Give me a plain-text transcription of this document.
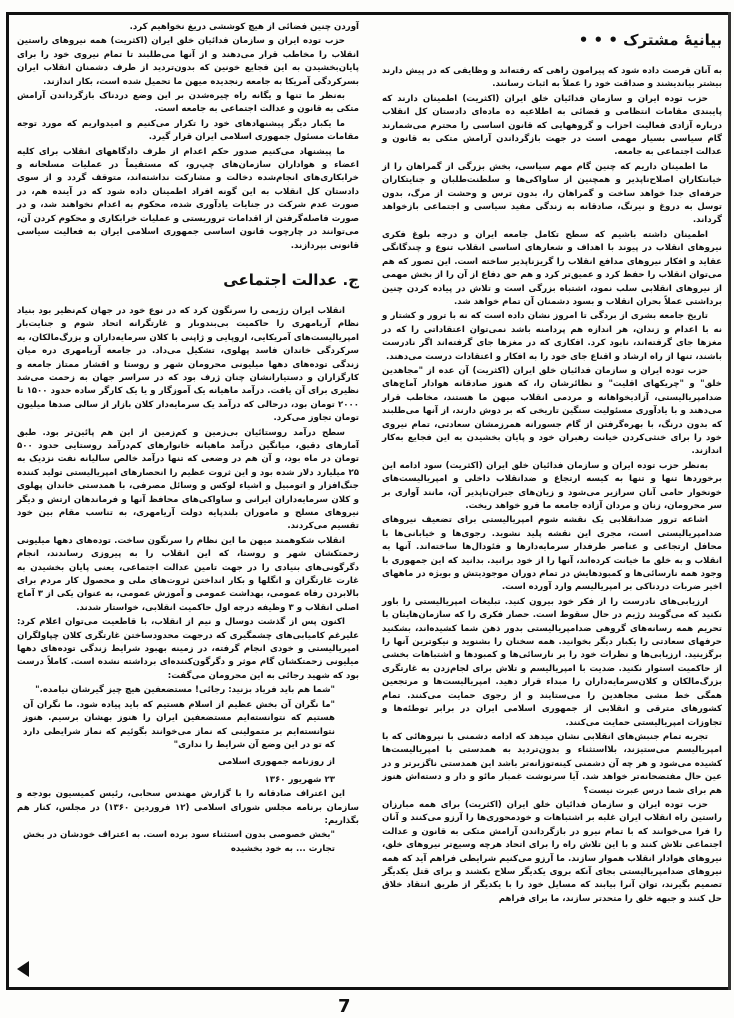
بیانیهٔ مشترک • • •

به آنان فرصت داده شود که پیرامون راهی که رفته‌اند و وظایفی که در پیش دارند بیشتر بیاندیشند و صداقت خود را عملاً به اثبات رسانند.

حزب توده ایران و سازمان فدائیان خلق ایران (اکثریت) اطمینان دارند که پایبندی مقامات انتظامی و قضائی به اطلاعیه ده ماده‌ای دادستان کل انقلاب درباره آزادی فعالیت احزاب و گروههایی که قانون اساسی را محترم می‌شمارند گام سیاسی بسیار مهمی است در جهت بازگرداندن آرامش متکی به قانون و عدالت اجتماعی به جامعه.

ما اطمینان داریم که چنین گام مهم سیاسی، بخش بزرگی از گمراهان را از خیانتکاران اصلاح‌ناپذیر و همچنین از ساواکی‌ها و سلطنت‌طلبان و جنایتکاران حرفه‌ای جدا خواهد ساخت و گمراهان را، بدون ترس و وحشت از مرگ، بدون توسل به دروغ و نیرنگ، صادقانه به زندگی مفید سیاسی و اجتماعی بازخواهد گرداند.

اطمینان داشته باشیم که سطح تکامل جامعه ایران و درجه بلوغ فکری نیروهای انقلاب در پیوند با اهداف و شعارهای اساسی انقلاب تنوع و چندگانگی عقاید و افکار نیروهای مدافع انقلاب را گریزناپذیر ساخته است. این تصور که هم می‌توان انقلاب را حفظ کرد و عمیق‌تر کرد و هم حق دفاع از آن را از بخش مهمی از نیروهای انقلابی سلب نمود، اشتباه بزرگی است و تلاش در پیاده کردن چنین برداشتی عملاً بحران انقلاب و بسود دشمنان آن تمام خواهد شد.

تاریخ جامعه بشری از بردگی تا امروز نشان داده است که نه با ترور و کشتار و نه با اعدام و زندان، هر اندازه هم پردامنه باشد نمی‌توان اعتقاداتی را که در مغزها جای گرفته‌اند، نابود کرد. افکاری که در مغزها جای گرفته‌اند اگر نادرست باشند، تنها از راه ارشاد و اقناع جای خود را به افکار و اعتقادات درست می‌دهند.

حزب توده ایران و سازمان فدائیان خلق ایران (اکثریت) آن عده از "مجاهدین خلق" و "چریکهای اقلیت" و نظائرشان را، که هنوز صادقانه هوادار آماج‌های ضدامپریالیستی، آزادیخواهانه و مردمی انقلاب میهن ما هستند، مخاطب قرار می‌دهند و با یادآوری مسئولیت سنگین تاریخی که بر دوش دارند، از آنها می‌طلبند که بدون درنگ، با بهره‌گرفتن از گام جسورانه همرزمشان سعادتی، تمام نیروی خود را برای خنثی‌کردن خیانت رهبران خود و پایان بخشیدن به این فجایع به‌کار اندازند.

به‌نظر حزب توده ایران و سازمان فدائیان خلق ایران (اکثریت) سود ادامه این برخوردها تنها و تنها به کیسه ارتجاع و ضدانقلاب داخلی و امپریالیست‌های خونخوار حامی آنان سرازیر می‌شود و زیان‌های جبران‌ناپذیر آن، مانند آواری بر سر محرومان، زنان و مردان آزاده جامعه ما فرو خواهد ریخت.

اشاعه ترور ضدانقلابی یک نقشه شوم امپریالیستی برای تضعیف نیروهای ضدامپریالیستی است، مجری این نقشه پلید نشوید. رجوی‌ها و خیابانی‌ها با محافل ارتجاعی و عناصر طرفدار سرمایه‌دارها و فئودال‌ها ساخته‌اند. آنها به انقلاب و به خلق ما خیانت کرده‌اند، آنها را از خود برانید. بدانید که این جمهوری با وجود همه نارسائی‌ها و کمبودهایش در تمام دوران موجودیتش و بویژه در ماههای اخیر ضربات دردناکی بر امپریالیسم وارد آورده است.

ارزیابی‌های نادرست را از فکر خود بیرون کنید. تبلیغات امپریالیستی را باور نکنید که می‌گویند رژیم در حال سقوط است. حصار فکری را که سازمان‌هایتان با تحریم همه رسانه‌های گروهی ضدامپریالیستی بدور ذهن شما کشیده‌اند، بشکنید حرفهای سعادتی را یکبار دیگر بخوانید. همه سخنان را بشنوید و نیکوترین آنها را برگزینید. ارزیابی‌ها و نظرات خود را بر نارسائی‌ها و کمبودها و اشتباهات بخشی از حاکمیت استوار نکنید. ضدیت با امپریالیسم و تلاش برای لجام‌زدن به غارتگری بزرگ‌مالکان و کلان‌سرمایه‌داران را مبداء قرار دهید. امپریالیست‌ها و مرتجعین همگی خط مشی مجاهدین را می‌ستایند و از رجوی حمایت می‌کنند. تمام کشورهای مترقی و انقلابی از جمهوری اسلامی ایران در برابر توطئه‌ها و تجاوزات امپریالیستی حمایت می‌کنند.

تجربه تمام جنبش‌های انقلابی نشان میدهد که ادامه دشمنی با نیروهائی که با امپریالیسم می‌ستیزند، بلااستثناء و بدون‌تردید به همدستی با امپریالیست‌ها کشیده می‌شود و هر چه آن دشمنی کینه‌توزانه‌تر باشد این همدستی ناگزیرتر و در عین حال مفتضحانه‌تر خواهد شد. آیا سرنوشت غمبار مائو و دار و دسته‌اش هنوز هم برای شما درس عبرت نیست؟

حزب توده ایران و سازمان فدائیان خلق ایران (اکثریت) برای همه مبارزان راستین راه انقلاب ایران غلبه بر اشتباهات و خودمحوری‌ها را آرزو می‌کنند و آنان را فرا می‌خوانند که با تمام نیرو در بازگرداندن آرامش متکی به قانون و عدالت اجتماعی تلاش کنند و با این تلاش راه را برای اتحاد هرچه وسیع‌تر نیروهای خلق، نیروهای هوادار انقلاب هموار سازند. ما آرزو می‌کنیم شرایطی فراهم آید که همه نیروهای ضدامپریالیستی بجای آنکه بروی یکدیگر سلاح بکشند و برای قتل یکدیگر تصمیم بگیرند، توان آنرا بیابند که مسایل خود را با یکدیگر از طریق انتقاد خلاق حل کنند و جبهه خلق را متحدتر سازند، ما برای فراهم

آوردن چنین فضائی از هیچ کوششی دریغ نخواهیم کرد.

حزب توده ایران و سازمان فدائیان خلق ایران (اکثریت) همه نیروهای راستین انقلاب را مخاطب قرار می‌دهند و از آنها می‌طلبند تا تمام نیروی خود را برای پایان‌بخشیدن به این فجایع خونین که بدون‌تردید از طرف دشمنان انقلاب ایران بسرکردگی آمریکا به جامعه رنجدیده میهن ما تحمیل شده است، بکار اندازند.

به‌نظر ما تنها و یگانه راه چیره‌شدن بر این وضع دردناک بازگرداندن آرامش متکی به قانون و عدالت اجتماعی به جامعه است.

ما یکبار دیگر پیشنهادهای خود را تکرار می‌کنیم و امیدواریم که مورد توجه مقامات مسئول جمهوری اسلامی ایران قرار گیرد.

ما پیشنهاد می‌کنیم صدور حکم اعدام از طرف دادگاههای انقلاب برای کلیه اعضاء و هواداران سازمان‌های چپ‌رو، که مستقیماً در عملیات مسلحانه و خرابکاری‌های انجام‌شده دخالت و مشارکت نداشته‌اند، متوقف گردد و از سوی دادستان کل انقلاب به این گونه افراد اطمینان داده شود که در آینده هم، در صورت عدم شرکت در جنایات یادآوری شده، محکوم به اعدام نخواهند شد، و در صورت فاصله‌گرفتن از اقدامات تروریستی و عملیات خرابکاری و محکوم کردن آن، می‌توانند در چارچوب قانون اساسی جمهوری اسلامی ایران به فعالیت سیاسی قانونی بپردازند.

ج. عدالت اجتماعی

انقلاب ایران رژیمی را سرنگون کرد که در نوع خود در جهان کم‌نظیر بود بنیاد نظام آریامهری را حاکمیت بی‌بندوبار و غارتگرانه اتحاد شوم و جنایت‌بار امپریالیست‌های آمریکایی، اروپایی و ژاپنی با کلان سرمایه‌داران و بزرگ‌مالکان، به سرکردگی خاندان فاسد پهلوی، تشکیل می‌داد. در جامعه آریامهری دره میان زندگی توده‌های دهها میلیونی محرومان شهر و روستا و اقشار ممتاز جامعه و کارگزاران و دستیارانشان چنان ژرف بود که در سراسر جهان به زحمت می‌شد نظیری برای آن یافت. درآمد ماهیانه یک آموزگار و یا یک کارگر ساده حدود ۱۵۰۰ تا ۲۰۰۰ تومان بود، درحالی که درآمد یک سرمایه‌دار کلان بازار از سالی صدها میلیون تومان تجاوز می‌کرد.

سطح درآمد روستائیان بی‌زمین و کم‌زمین از این هم پائین‌تر بود. طبق آمارهای دقیق، میانگین درآمد ماهیانه خانوارهای کم‌درآمد روستایی حدود ۵۰۰ تومان در ماه بود، و آن هم در وضعی که تنها درآمد خالص سالیانه نفت نزدیک به ۲۵ میلیارد دلار شده بود و این ثروت عظیم را انحصارهای امپریالیستی تولید کننده جنگ‌افزار و اتومبیل و اشیاء لوکس و وسائل مصرفی، با همدستی خاندان پهلوی و کلان سرمایه‌داران ایرانی و ساواکی‌های محافظ آنها و فرماندهان ارتش و دیگر نیروهای مسلح و ماموران بلندپایه دولت آریامهری، به تناسب مقام بین خود تقسیم می‌کردند.

انقلاب شکوهمند میهن ما این نظام را سرنگون ساخت. توده‌های دهها میلیونی زحمتکشان شهر و روستا، که این انقلاب را به پیروزی رساندند، انجام دگرگونی‌های بنیادی را در جهت تامین عدالت اجتماعی، یعنی پایان بخشیدن به غارت غارتگران و انگلها و بکار انداختن ثروت‌های ملی و محصول کار مردم برای بالابردن رفاه عمومی، بهداشت عمومی و آموزش عمومی، به عنوان یکی از ۳ آماج اصلی انقلاب و ۳ وظیفه درجه اول حاکمیت انقلابی، خواستار شدند.

اکنون پس از گذشت دوسال و نیم از انقلاب، با قاطعیت می‌توان اعلام کرد: علیرغم کامیابی‌های چشمگیری که درجهت محدودساختن غارتگری کلان چپاولگران امپریالیستی و خودی انجام گرفته، در زمینه بهبود شرایط زندگی توده‌های دهها میلیونی زحمتکشان گام موثر و دگرگون‌کننده‌ای برداشته نشده است. کاملاً درست بود که شهید رجائی به این محرومان می‌گفت:

"شما هم باید فریاد بزنید: رجائی! مستضعفین هیچ چیز گیرشان نیامده."

"ما نگران آن بخش عظیم از اسلام هستیم که باید پیاده شود. ما نگران آن هستیم که نتوانسته‌ایم مستضعفین ایران را هنوز بهشان برسیم. هنوز نتوانسته‌ایم بر متمولینی که نماز می‌خوانند بگوئیم که نماز شرایطی دارد که تو در این وضع آن شرایط را نداری"

از روزنامه جمهوری اسلامی

۲۳ شهریور ۱۳۶۰

این اعتراف صادقانه را با گزارش مهندس سحابی، رئیس کمیسیون بودجه و سازمان برنامه مجلس شورای اسلامی (۱۲ فروردین ۱۳۶۰) در مجلس، کنار هم بگذاریم:

"بخش خصوصی بدون استثناء سود برده است. به اعتراف خودشان در بخش تجارت ... به خود بخشیده

7
